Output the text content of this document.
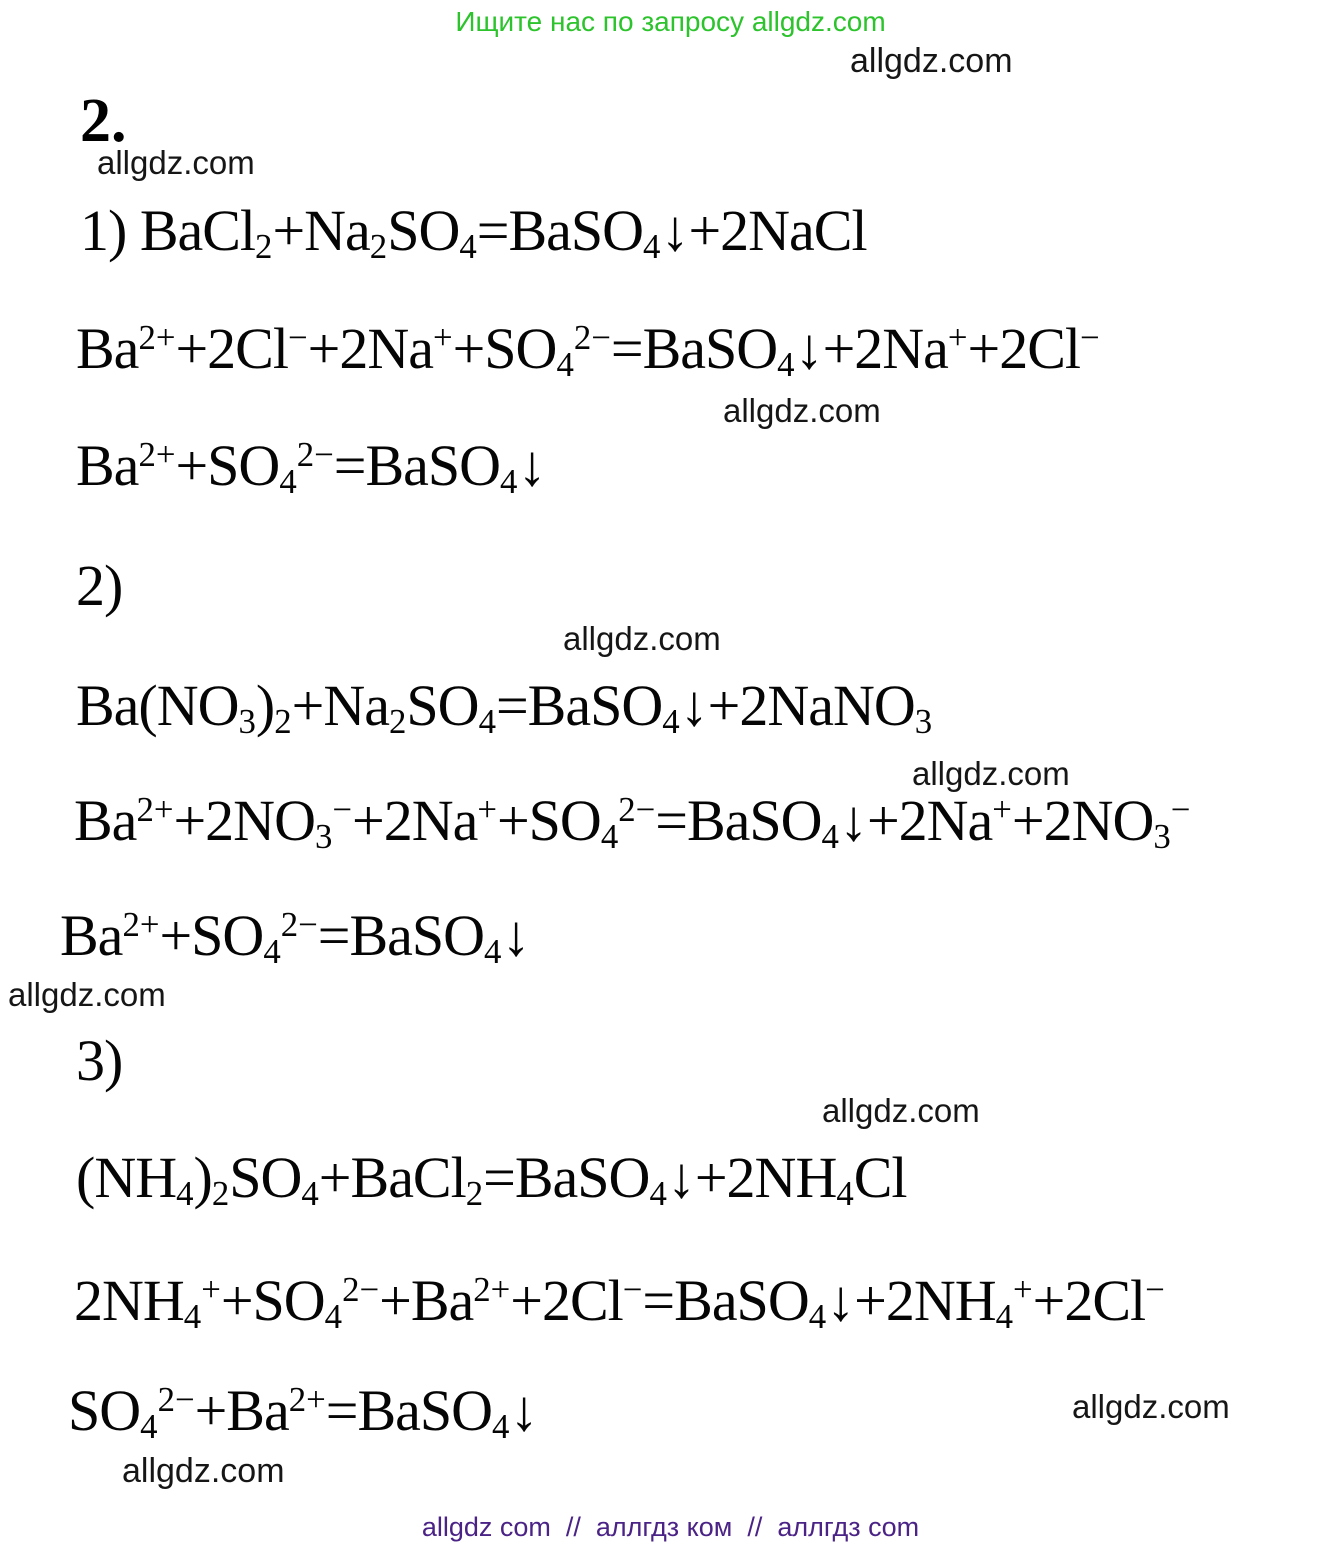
Ищите нас по запросу allgdz.com
allgdz.com
2.
allgdz.com
1) BaCl2+Na2SO4=BaSO4↓+2NaCl
$Ba^{2+}+2Cl^-+2Na^++SO4^{2-}=BaSO4↓+2Na^++2Cl^-$
allgdz.com
$Ba^{2+}+SO4^{2-}=BaSO4↓$
2)
allgdz.com
Ba(NO3)2+Na2SO4=BaSO4↓+2NaNO3
allgdz.com
$Ba^{2+}+2NO3^-+2Na^++SO4^{2-}=BaSO4↓+2Na^++2NO3^-$
$Ba^{2+}+SO4^{2-}=BaSO4↓$
allgdz.com
3)
allgdz.com
(NH4)2SO4+BaCl2=BaSO4↓+2NH4Cl
$2NH4^++SO4^{2-}+Ba^{2+}+2Cl^-=BaSO4↓+2NH4^++2Cl^-$
$SO4^{2-}+Ba^{2+}=BaSO4↓$	allgdz.com
allgdz.com
allgdz com  //  аллгдз ком  //  аллгдз com
